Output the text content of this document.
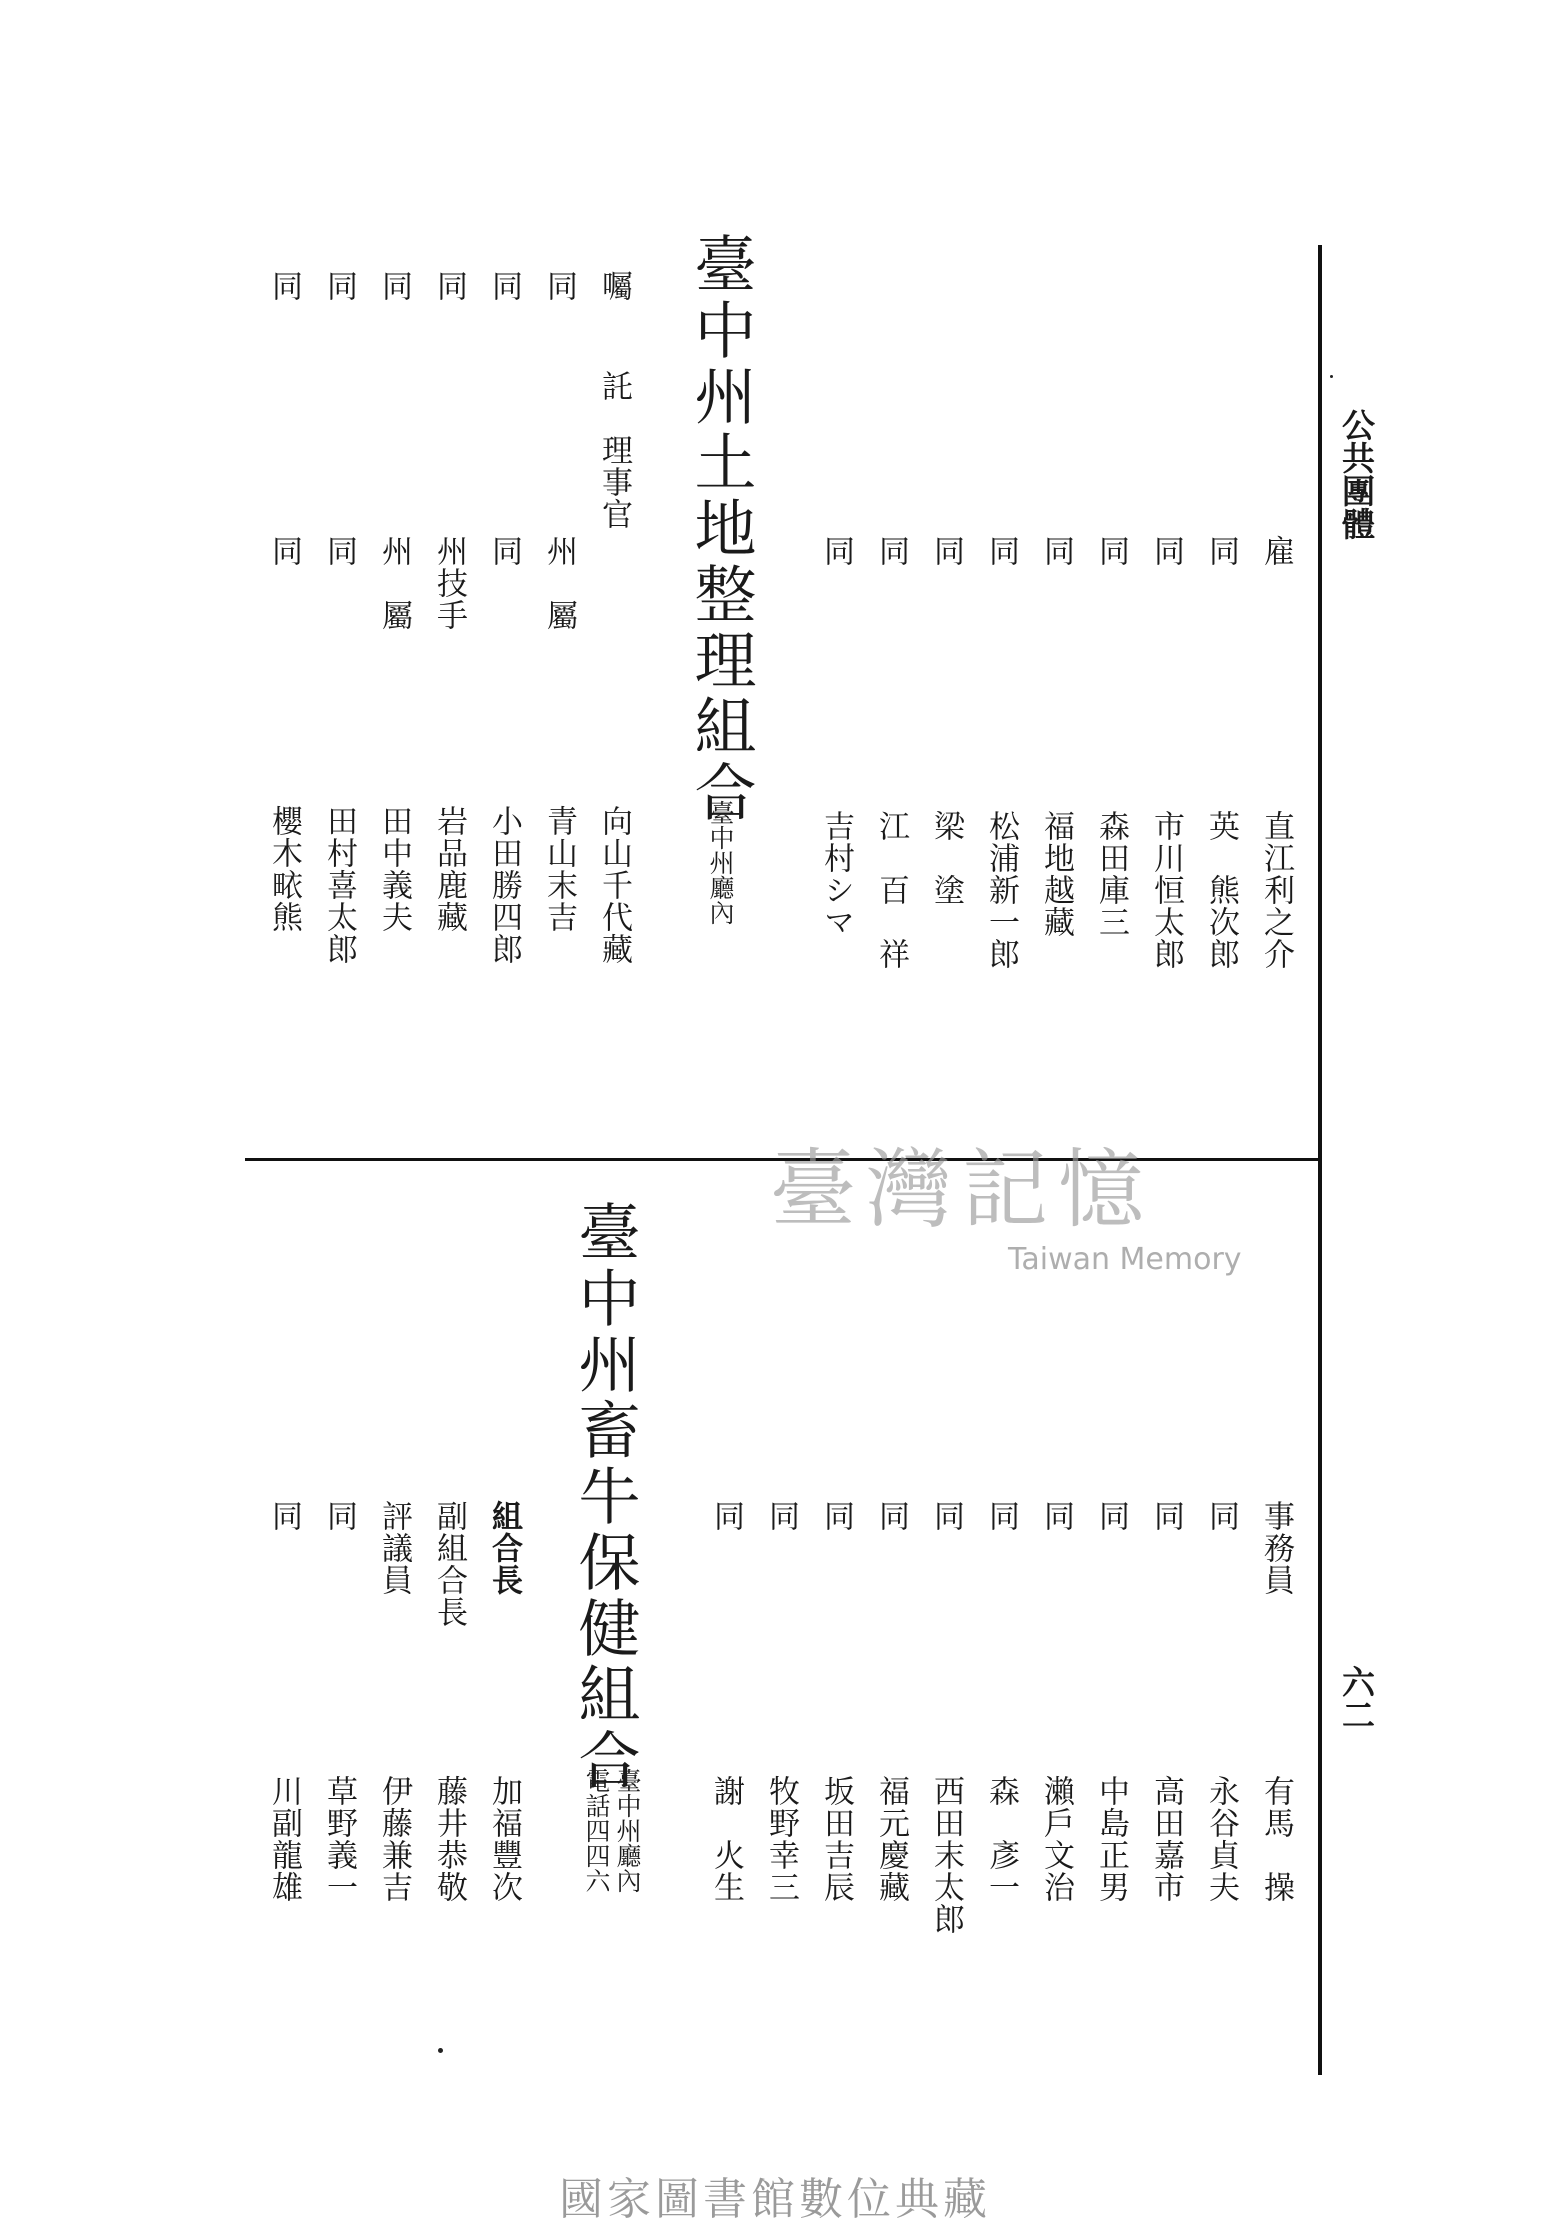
公共團體
六二
臺中州土地整理組合
臺中州廳內
雇
直江利之介
同
英　熊次郎
同
市川恒太郎
同
森田庫三
同
福地越藏
同
松浦新一郎
同
梁　塗
同
江　百　祥
同
吉村シマ
囑
託　理事官
向山千代藏
同
州　屬
青山末吉
同
同
小田勝四郎
同
州技手
岩品鹿藏
同
州　屬
田中義夫
同
同
田村喜太郎
同
同
櫻木畩熊
臺中州畜牛保健組合
臺中州廳內
電話四四六
事務員
有馬　操
同
永谷貞夫
同
高田嘉市
同
中島正男
同
瀨戶文治
同
森　彥一
同
西田末太郎
同
福元慶藏
同
坂田吉辰
同
牧野幸三
同
謝　火生
組合長
加福豐次
副組合長
藤井恭敬
評議員
伊藤兼吉
同
草野義一
同
川副龍雄
臺灣記憶
Taiwan Memory
國家圖書館數位典藏
